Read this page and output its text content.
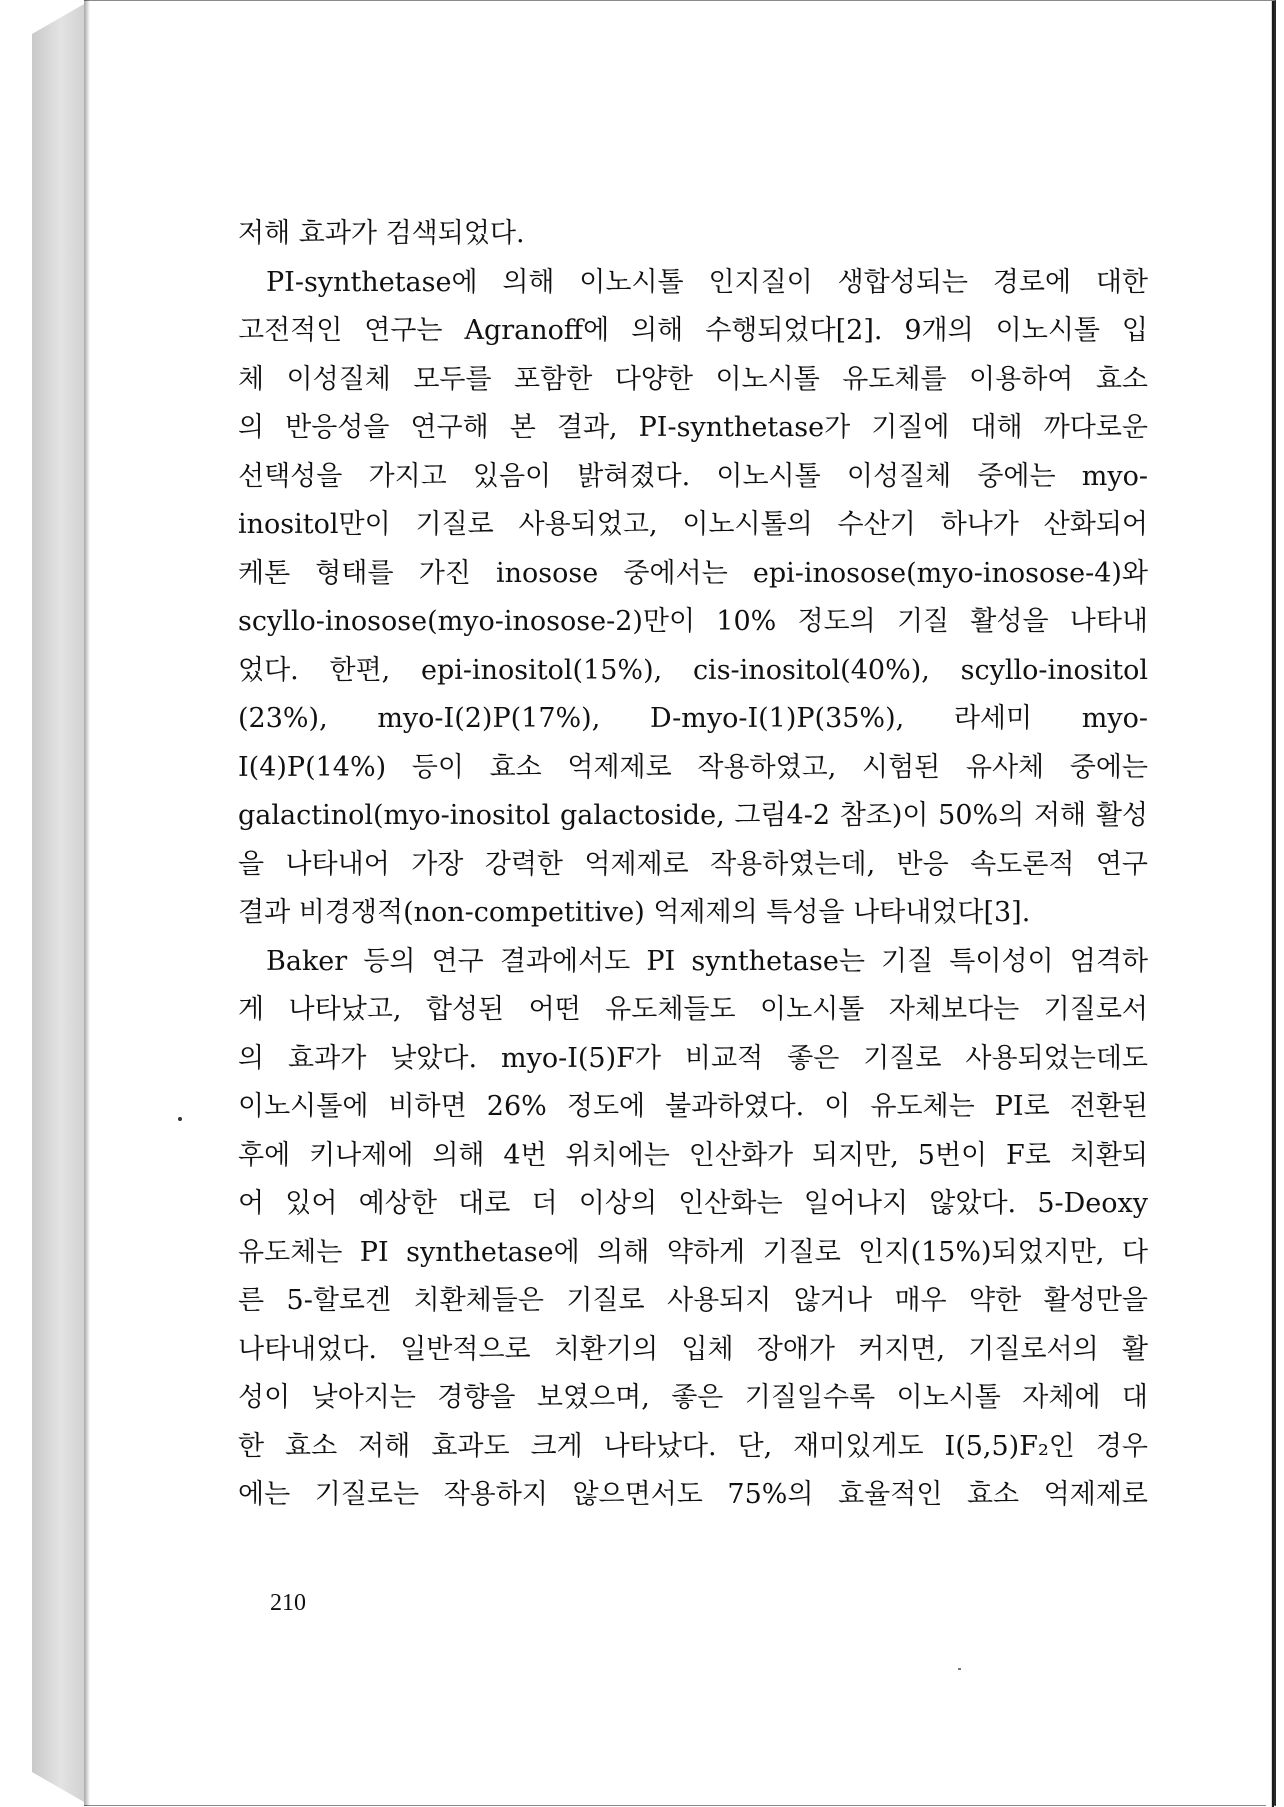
저해 효과가 검색되었다.
PI-synthetase에 의해 이노시톨 인지질이 생합성되는 경로에 대한
고전적인 연구는 Agranoff에 의해 수행되었다[2]. 9개의 이노시톨 입
체 이성질체 모두를 포함한 다양한 이노시톨 유도체를 이용하여 효소
의 반응성을 연구해 본 결과, PI-synthetase가 기질에 대해 까다로운
선택성을 가지고 있음이 밝혀졌다. 이노시톨 이성질체 중에는 myo-
inositol만이 기질로 사용되었고, 이노시톨의 수산기 하나가 산화되어
케톤 형태를 가진 inosose 중에서는 epi-inosose(myo-inosose-4)와
scyllo-inosose(myo-inosose-2)만이 10% 정도의 기질 활성을 나타내
었다. 한편, epi-inositol(15%), cis-inositol(40%), scyllo-inositol
(23%), myo-I(2)P(17%), D-myo-I(1)P(35%), 라세미 myo-
I(4)P(14%) 등이 효소 억제제로 작용하였고, 시험된 유사체 중에는
galactinol(myo-inositol galactoside, 그림4-2 참조)이 50%의 저해 활성
을 나타내어 가장 강력한 억제제로 작용하였는데, 반응 속도론적 연구
결과 비경쟁적(non-competitive) 억제제의 특성을 나타내었다[3].
Baker 등의 연구 결과에서도 PI synthetase는 기질 특이성이 엄격하
게 나타났고, 합성된 어떤 유도체들도 이노시톨 자체보다는 기질로서
의 효과가 낮았다. myo-I(5)F가 비교적 좋은 기질로 사용되었는데도
이노시톨에 비하면 26% 정도에 불과하였다. 이 유도체는 PI로 전환된
후에 키나제에 의해 4번 위치에는 인산화가 되지만, 5번이 F로 치환되
어 있어 예상한 대로 더 이상의 인산화는 일어나지 않았다. 5-Deoxy
유도체는 PI synthetase에 의해 약하게 기질로 인지(15%)되었지만, 다
른 5-할로겐 치환체들은 기질로 사용되지 않거나 매우 약한 활성만을
나타내었다. 일반적으로 치환기의 입체 장애가 커지면, 기질로서의 활
성이 낮아지는 경향을 보였으며, 좋은 기질일수록 이노시톨 자체에 대
한 효소 저해 효과도 크게 나타났다. 단, 재미있게도 I(5,5)F₂인 경우
에는 기질로는 작용하지 않으면서도 75%의 효율적인 효소 억제제로
210
